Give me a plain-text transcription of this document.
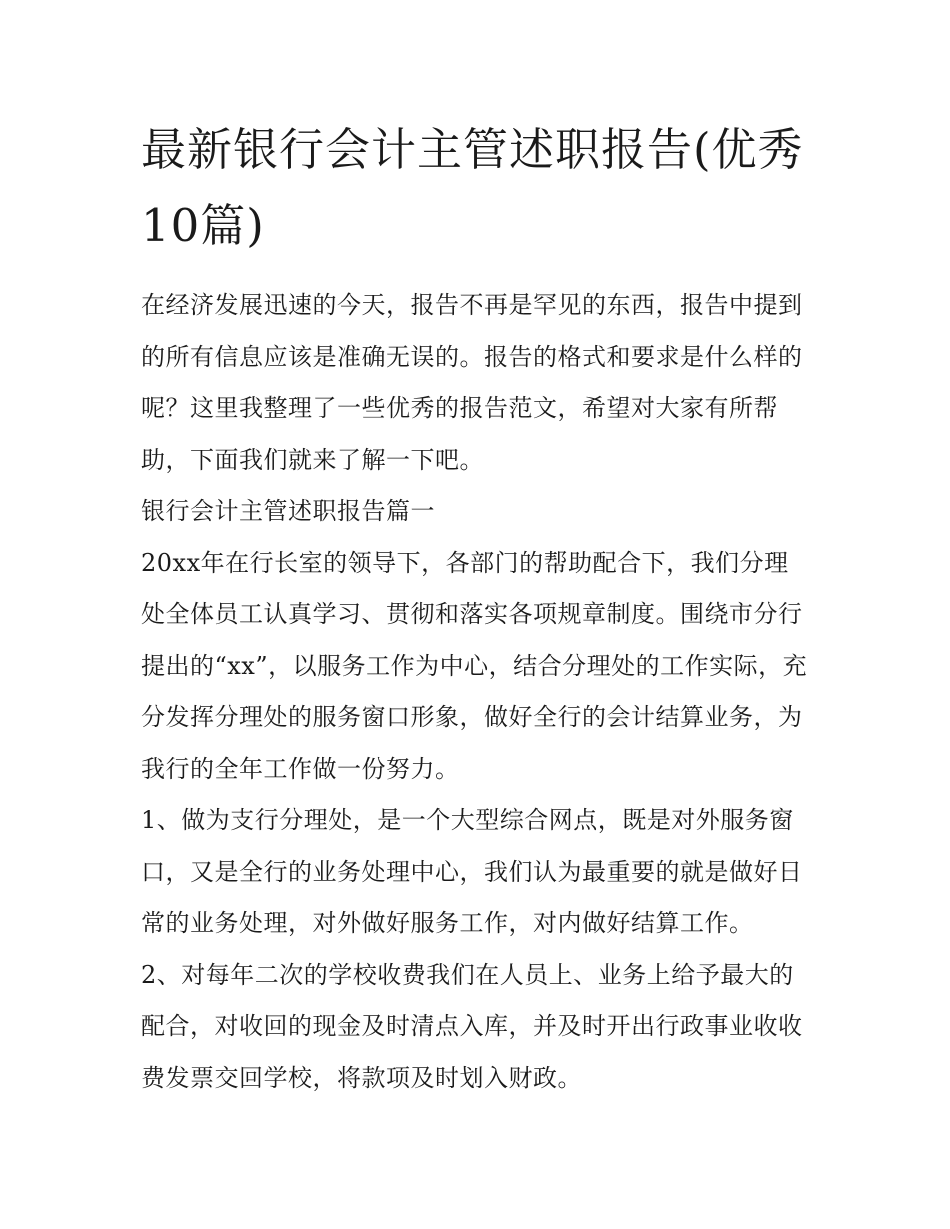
最新银行会计主管述职报告(优秀10篇)

在经济发展迅速的今天，报告不再是罕见的东西，报告中提到的所有信息应该是准确无误的。报告的格式和要求是什么样的呢？这里我整理了一些优秀的报告范文，希望对大家有所帮助，下面我们就来了解一下吧。

银行会计主管述职报告篇一

20xx年在行长室的领导下，各部门的帮助配合下，我们分理处全体员工认真学习、贯彻和落实各项规章制度。围绕市分行提出的“xx”，以服务工作为中心，结合分理处的工作实际，充分发挥分理处的服务窗口形象，做好全行的会计结算业务，为我行的全年工作做一份努力。

1、做为支行分理处，是一个大型综合网点，既是对外服务窗口，又是全行的业务处理中心，我们认为最重要的就是做好日常的业务处理，对外做好服务工作，对内做好结算工作。

2、对每年二次的学校收费我们在人员上、业务上给予最大的配合，对收回的现金及时清点入库，并及时开出行政事业收收费发票交回学校，将款项及时划入财政。
